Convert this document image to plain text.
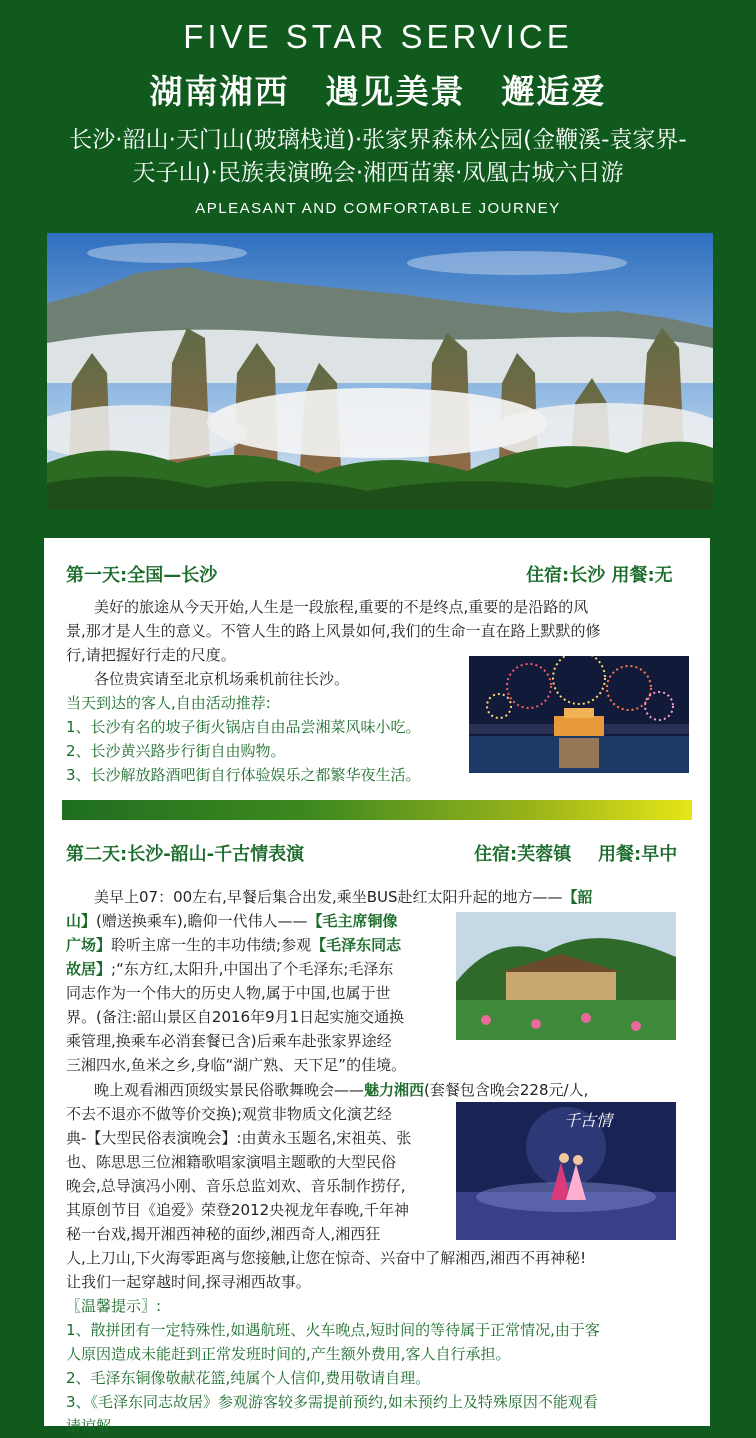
FIVE STAR SERVICE
湖南湘西 遇见美景 邂逅爱
长沙·韶山·天门山(玻璃栈道)·张家界森林公园(金鞭溪-袁家界-
天子山)·民族表演晚会·湘西苗寨·凤凰古城六日游
APLEASANT AND COMFORTABLE JOURNEY
第一天:全国—长沙	住宿:长沙 用餐:无
美好的旅途从今天开始,人生是一段旅程,重要的不是终点,重要的是沿路的风
景,那才是人生的意义。不管人生的路上风景如何,我们的生命一直在路上默默的修
行,请把握好行走的尺度。
各位贵宾请至北京机场乘机前往长沙。
当天到达的客人,自由活动推荐:
1、长沙有名的坡子街火锅店自由品尝湘菜风味小吃。
2、长沙黄兴路步行街自由购物。
3、长沙解放路酒吧街自行体验娱乐之都繁华夜生活。
第二天:长沙-韶山-千古情表演	住宿:芙蓉镇 用餐:早中
美早上07：00左右,早餐后集合出发,乘坐BUS赴红太阳升起的地方——【韶
山】(赠送换乘车),瞻仰一代伟人——【毛主席铜像
广场】聆听主席一生的丰功伟绩;参观【毛泽东同志
故居】;“东方红,太阳升,中国出了个毛泽东;毛泽东
同志作为一个伟大的历史人物,属于中国,也属于世
界。(备注:韶山景区自2016年9月1日起实施交通换
乘管理,换乘车必消套餐已含)后乘车赴张家界途经
三湘四水,鱼米之乡,身临“湖广熟、天下足”的佳境。
晚上观看湘西顶级实景民俗歌舞晚会——魅力湘西(套餐包含晚会228元/人,
不去不退亦不做等价交换);观赏非物质文化演艺经
典-【大型民俗表演晚会】:由黄永玉题名,宋祖英、张
也、陈思思三位湘籍歌唱家演唱主题歌的大型民俗
晚会,总导演冯小刚、音乐总监刘欢、音乐制作捞仔,
其原创节目《追爱》荣登2012央视龙年春晚,千年神
秘一台戏,揭开湘西神秘的面纱,湘西奇人,湘西狂
人,上刀山,下火海零距离与您接触,让您在惊奇、兴奋中了解湘西,湘西不再神秘!
让我们一起穿越时间,探寻湘西故事。
千古情
〖温馨提示〗:
1、散拼团有一定特殊性,如遇航班、火车晚点,短时间的等待属于正常情况,由于客
人原因造成未能赶到正常发班时间的,产生额外费用,客人自行承担。
2、毛泽东铜像敬献花篮,纯属个人信仰,费用敬请自理。
3、《毛泽东同志故居》参观游客较多需提前预约,如未预约上及特殊原因不能观看
请谅解。
